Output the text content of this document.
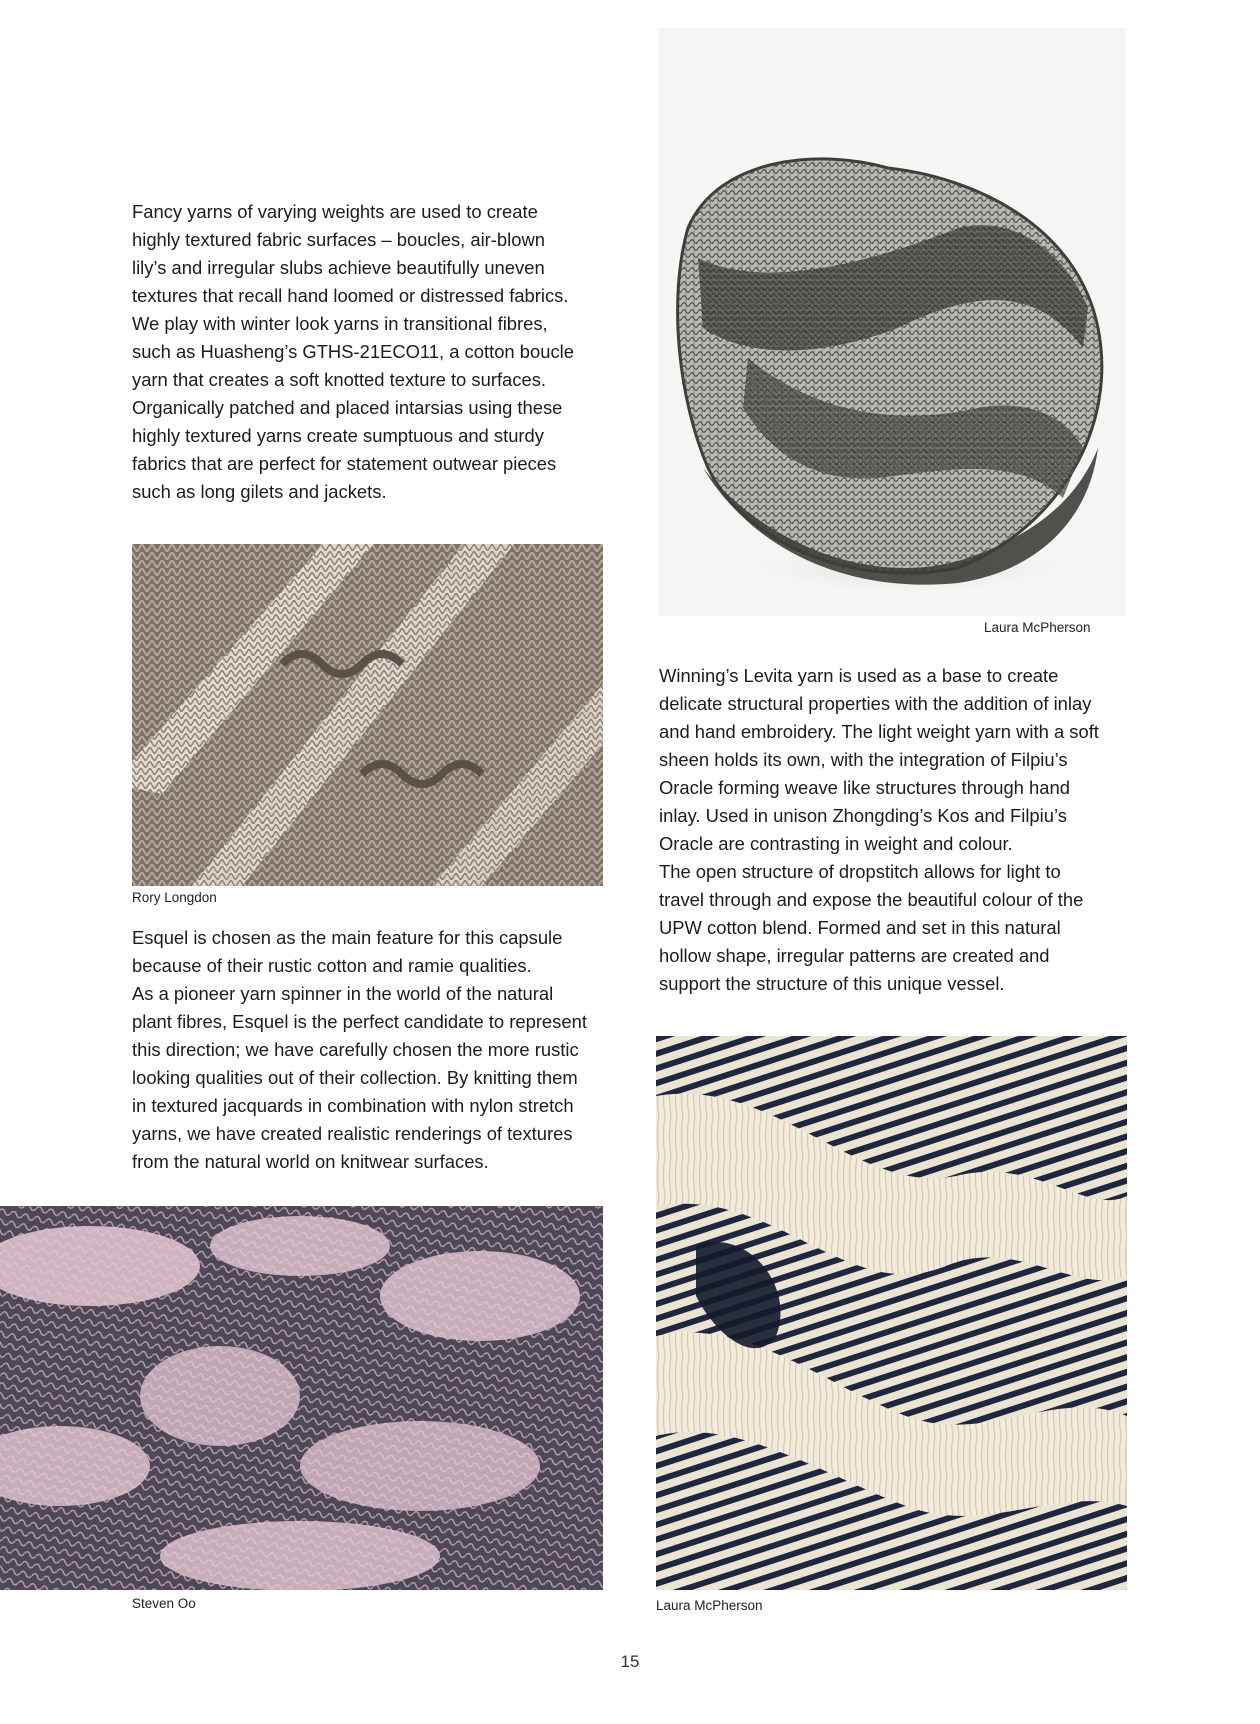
Fancy yarns of varying weights are used to create
highly textured fabric surfaces – boucles, air-blown
lily’s and irregular slubs achieve beautifully uneven
textures that recall hand loomed or distressed fabrics.
We play with winter look yarns in transitional fibres,
such as Huasheng’s GTHS-21ECO11, a cotton boucle
yarn that creates a soft knotted texture to surfaces.
Organically patched and placed intarsias using these
highly textured yarns create sumptuous and sturdy
fabrics that are perfect for statement outwear pieces
such as long gilets and jackets.

Laura McPherson

Rory Longdon

Winning’s Levita yarn is used as a base to create
delicate structural properties with the addition of inlay
and hand embroidery. The light weight yarn with a soft
sheen holds its own, with the integration of Filpiu’s
Oracle forming weave like structures through hand
inlay. Used in unison Zhongding’s Kos and Filpiu’s
Oracle are contrasting in weight and colour.
The open structure of dropstitch allows for light to
travel through and expose the beautiful colour of the
UPW cotton blend. Formed and set in this natural
hollow shape, irregular patterns are created and
support the structure of this unique vessel.
Esquel is chosen as the main feature for this capsule
because of their rustic cotton and ramie qualities.
As a pioneer yarn spinner in the world of the natural
plant fibres, Esquel is the perfect candidate to represent
this direction; we have carefully chosen the more rustic
looking qualities out of their collection. By knitting them
in textured jacquards in combination with nylon stretch
yarns, we have created realistic renderings of textures
from the natural world on knitwear surfaces.

Laura McPherson

Steven Oo

15
